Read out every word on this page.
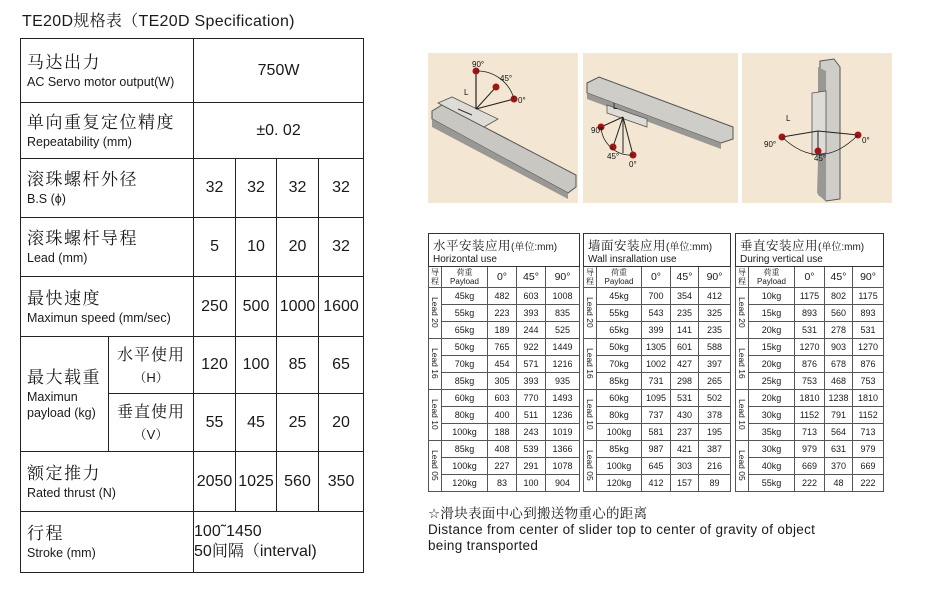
TE20D规格表（TE20D Specification)
马达出力
AC Servo motor output(W)		750W			

单向重复定位精度
Repeatability (mm)		±0. 02			

滚珠螺杆外径
B.S (ϕ)		32	32	32	32

滚珠螺杆导程
Lead (mm)		5	10	20	32

最快速度
Maximun speed (mm/sec)		250	500	1000	1600

最大载重
Maximun
payload (kg)	水平使用
（H）	120	100	85	65

	垂直使用
（V）	55	45	25	20

额定推力
Rated thrust (N)		2050	1025	560	350

行程
Stroke (mm)		100˜1450
50间隔（interval)			
90°
45°
0°
L
90°
45°
0°
L
90°
45°
0°
L
水平安装应用(单位:mm)
Horizontal use				

导程	荷重 Payload	0°	45°	90°
Lead 20	45kg	482	603	1008
	55kg	223	393	835
	65kg	189	244	525
Lead 16	50kg	765	922	1449
	70kg	454	571	1216
	85kg	305	393	935
Lead 10	60kg	603	770	1493
	80kg	400	511	1236
	100kg	188	243	1019
Lead 05	85kg	408	539	1366
	100kg	227	291	1078
	120kg	83	100	904
墙面安装应用(单位:mm)
Wall insrallation use				

导程	荷重 Payload	0°	45°	90°
Lead 20	45kg	700	354	412
	55kg	543	235	325
	65kg	399	141	235
Lead 16	50kg	1305	601	588
	70kg	1002	427	397
	85kg	731	298	265
Lead 10	60kg	1095	531	502
	80kg	737	430	378
	100kg	581	237	195
Lead 05	85kg	987	421	387
	100kg	645	303	216
	120kg	412	157	89
垂直安装应用(单位:mm)
During vertical use				

导程	荷重 Payload	0°	45°	90°
Lead 20	10kg	1175	802	1175
	15kg	893	560	893
	20kg	531	278	531
Lead 16	15kg	1270	903	1270
	20kg	876	678	876
	25kg	753	468	753
Lead 10	20kg	1810	1238	1810
	30kg	1152	791	1152
	35kg	713	564	713
Lead 05	30kg	979	631	979
	40kg	669	370	669
	55kg	222	48	222
☆滑块表面中心到搬送物重心的距离
Distance from center of slider top to center of gravity of object
being transported
